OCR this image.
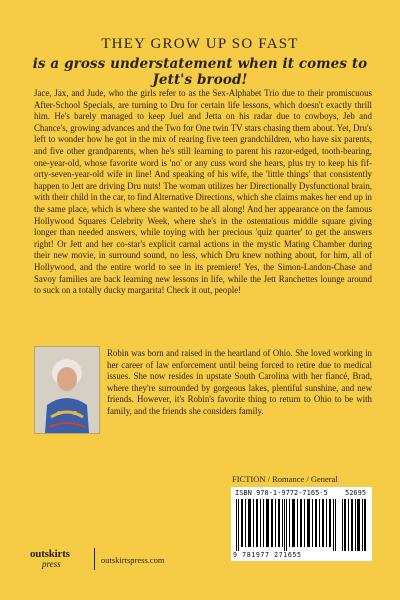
THEY GROW UP SO FAST
is a gross understatement when it comes to Jett's brood!

Jace, Jax, and Jude, who the girls refer to as the Sex-Alphabet Trio due to their promiscuous After-School Specials, are turning to Dru for certain life lessons, which doesn't exactly thrill him. He's barely managed to keep Juel and Jetta on his radar due to cowboys, Jeb and Chance's, growing advances and the Two for One twin TV stars chasing them about. Yet, Dru's left to wonder how he got in the mix of rearing five teen grandchildren, who have six parents, and five other grandparents, when he's still learning to parent his razor-edged, tooth-bearing, one-year-old, whose favorite word is 'no' or any cuss word she hears, plus try to keep his fif-orty-seven-year-old wife in line! And speaking of his wife, the 'little things' that consistently happen to Jett are driving Dru nuts! The woman utilizes her Directionally Dysfunctional brain, with their child in the car, to find Alternative Directions, which she claims makes her end up in the same place, which is where she wanted to be all along! And her appearance on the famous Hollywood Squares Celebrity Week, where she's in the ostentatious middle square giving longer than needed answers, while toying with her precious 'quiz quarter' to get the answers right! Or Jett and her co-star's explicit carnal actions in the mystic Mating Chamber during their new movie, in surround sound, no less, which Dru knew nothing about, for him, all of Hollywood, and the entire world to see in its premiere! Yes, the Simon-Landon-Chase and Savoy families are back learning new lessons in life, while the Jett Ranchettes lounge around to suck on a totally ducky margarita! Check it out, people!

Robin was born and raised in the heartland of Ohio. She loved working in her career of law enforcement until being forced to retire due to medical issues. She now resides in upstate South Carolina with her fiancé, Brad, where they're surrounded by gorgeous lakes, plentiful sunshine, and new friends. However, it's Robin's favorite thing to return to Ohio to be with family, and the friends she considers family.

FICTION / Romance / General
ISBN 978-1-9772-7165-5 52695
9 781977 271655
outskirts
press	outskirtspress.com
